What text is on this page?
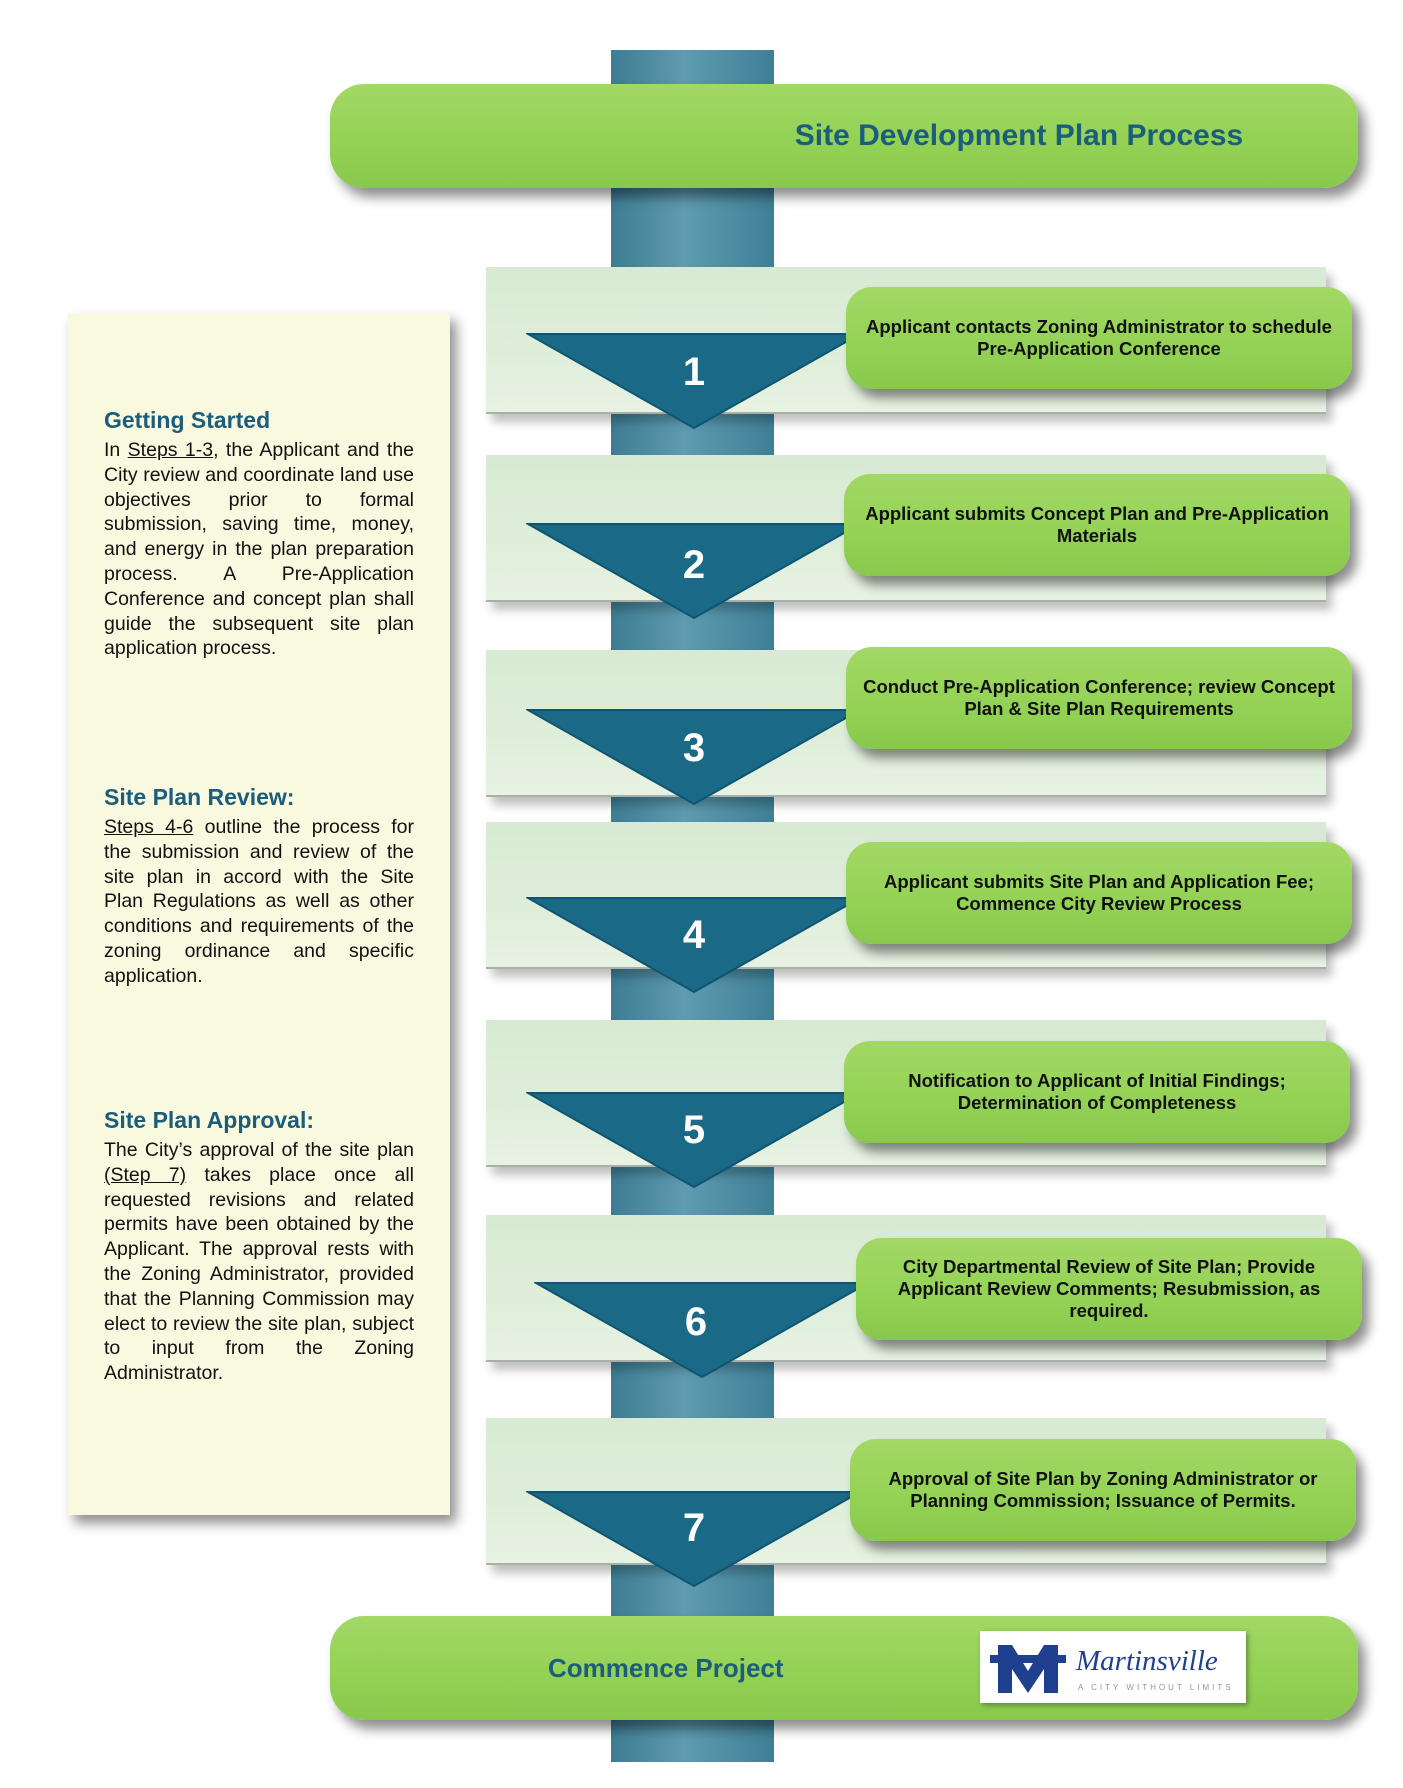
Site Development Plan Process
Getting Started
In Steps 1-3, the Applicant and the City review and coordinate land use objectives prior to formal submission, saving time, money, and energy in the plan preparation process. A Pre-Application Conference and concept plan shall guide the subsequent site plan application process.
Site Plan Review:
Steps 4-6 outline the process for the submission and review of the site plan in accord with the Site Plan Regulations as well as other conditions and requirements of the zoning ordinance and specific application.
Site Plan Approval:
The City’s approval of the site plan (Step 7) takes place once all requested revisions and related permits have been obtained by the Applicant. The approval rests with the Zoning Administrator, provided that the Planning Commission may elect to review the site plan, subject to input from the Zoning Administrator.
1
Applicant contacts Zoning Administrator to schedule Pre-Application Conference
2
Applicant submits Concept Plan and Pre-Application Materials
3
Conduct Pre-Application Conference; review Concept Plan & Site Plan Requirements
4
Applicant submits Site Plan and Application Fee; Commence City Review Process
5
Notification to Applicant of Initial Findings; Determination of Completeness
6
City Departmental Review of Site Plan; Provide Applicant Review Comments; Resubmission, as required.
7
Approval of Site Plan by Zoning Administrator or Planning Commission; Issuance of Permits.
Commence Project	Martinsville
A CITY WITHOUT LIMITS
